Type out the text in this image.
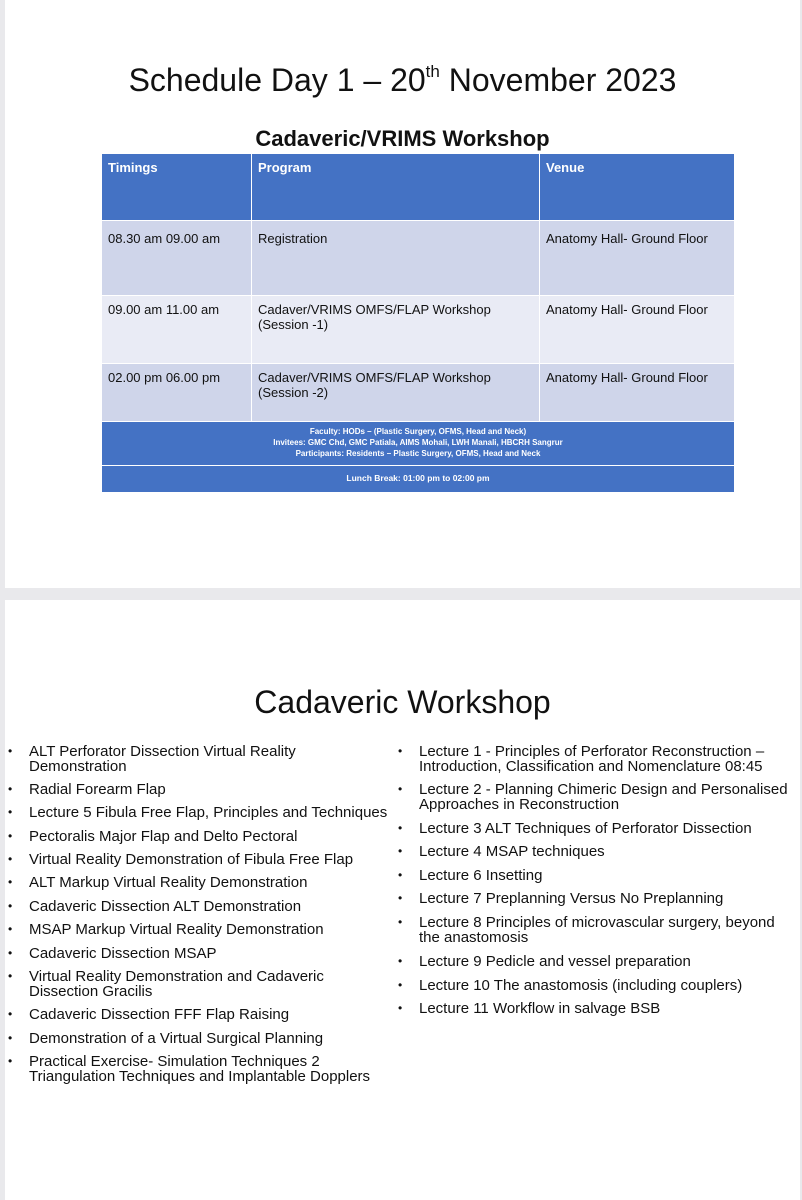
Schedule Day 1 – 20th November 2023
Cadaveric/VRIMS Workshop
Timings	Program	Venue
08.30 am 09.00 am	Registration	Anatomy Hall- Ground Floor
09.00 am 11.00 am	Cadaver/VRIMS OMFS/FLAP Workshop (Session -1)	Anatomy Hall- Ground Floor
02.00 pm 06.00 pm	Cadaver/VRIMS OMFS/FLAP Workshop (Session -2)	Anatomy Hall- Ground Floor

Faculty: HODs – (Plastic Surgery, OFMS, Head and Neck)
Invitees: GMC Chd, GMC Patiala, AIMS Mohali, LWH Manali, HBCRH Sangrur
Participants: Residents – Plastic Surgery, OFMS, Head and Neck		

Lunch Break: 01:00 pm to 02:00 pm		
Cadaveric Workshop
• ALT Perforator Dissection Virtual Reality Demonstration
• Radial Forearm Flap
• Lecture 5 Fibula Free Flap, Principles and Techniques
• Pectoralis Major Flap and Delto Pectoral
• Virtual Reality Demonstration of Fibula Free Flap
• ALT Markup Virtual Reality Demonstration
• Cadaveric Dissection ALT Demonstration
• MSAP Markup Virtual Reality Demonstration
• Cadaveric Dissection MSAP
• Virtual Reality Demonstration and Cadaveric Dissection Gracilis
• Cadaveric Dissection FFF Flap Raising
• Demonstration of a Virtual Surgical Planning
• Practical Exercise- Simulation Techniques 2 Triangulation Techniques and Implantable Dopplers
• Lecture 1 - Principles of Perforator Reconstruction – Introduction, Classification and Nomenclature 08:45
• Lecture 2 - Planning Chimeric Design and Personalised Approaches in Reconstruction
• Lecture 3 ALT Techniques of Perforator Dissection
• Lecture 4 MSAP techniques
• Lecture 6 Insetting
• Lecture 7 Preplanning Versus No Preplanning
• Lecture 8 Principles of microvascular surgery, beyond the anastomosis
• Lecture 9 Pedicle and vessel preparation
• Lecture 10 The anastomosis (including couplers)
• Lecture 11 Workflow in salvage BSB
